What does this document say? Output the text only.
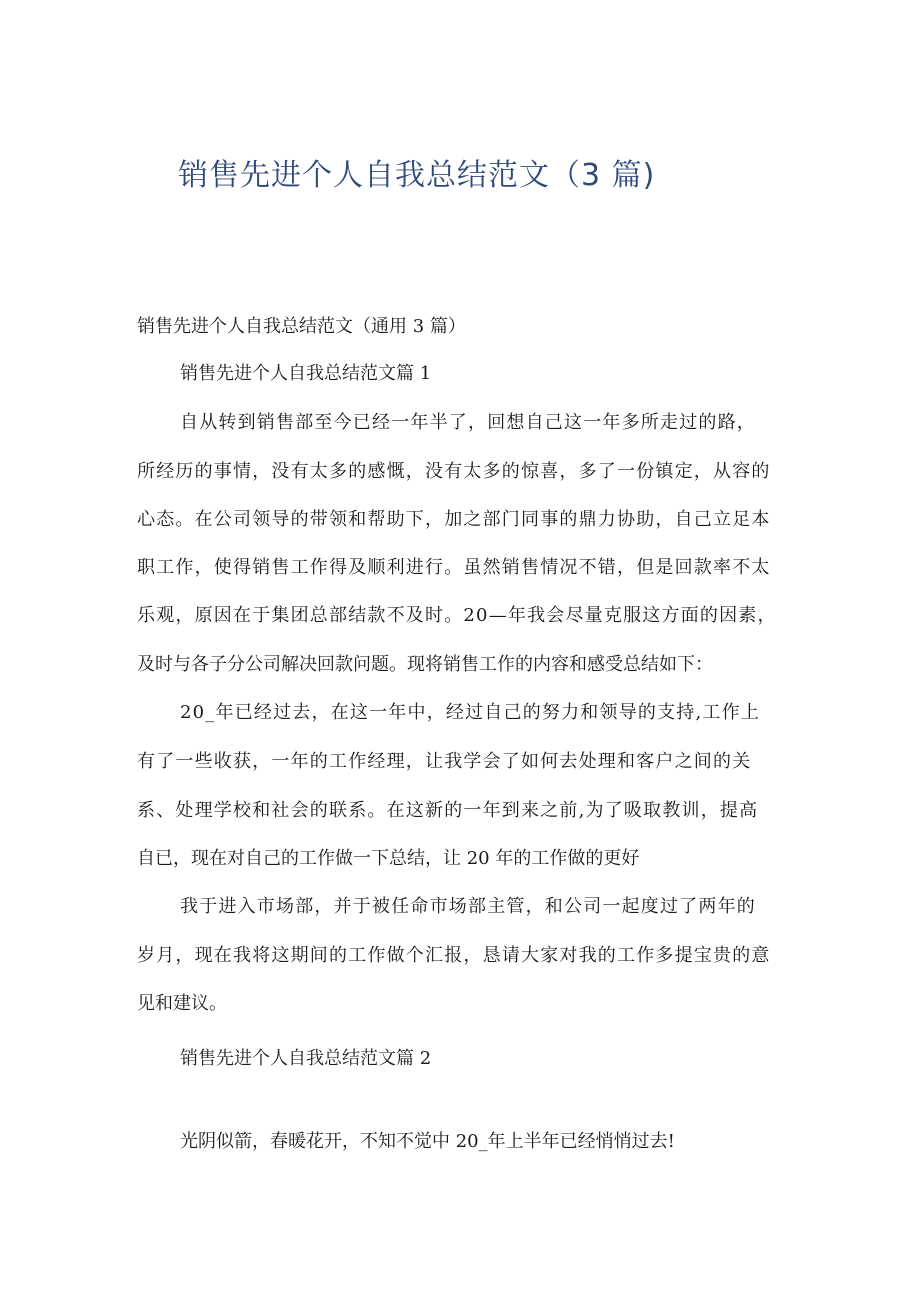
销售先进个人自我总结范文（3 篇)

销售先进个人自我总结范文（通用 3 篇）

销售先进个人自我总结范文篇 1

自从转到销售部至今已经一年半了，回想自己这一年多所走过的路，

所经历的事情，没有太多的感慨，没有太多的惊喜，多了一份镇定，从容的

心态。在公司领导的带领和帮助下，加之部门同事的鼎力协助，自己立足本

职工作，使得销售工作得及顺利进行。虽然销售情况不错，但是回款率不太

乐观，原因在于集团总部结款不及时。20—年我会尽量克服这方面的因素，

及时与各子分公司解决回款问题。现将销售工作的内容和感受总结如下：

20_年已经过去，在这一年中，经过自己的努力和领导的支持,工作上

有了一些收获，一年的工作经理，让我学会了如何去处理和客户之间的关

系、处理学校和社会的联系。在这新的一年到来之前,为了吸取教训，提高

自已，现在对自己的工作做一下总结，让 20 年的工作做的更好

我于进入市场部，并于被任命市场部主管，和公司一起度过了两年的

岁月，现在我将这期间的工作做个汇报，恳请大家对我的工作多提宝贵的意

见和建议。

销售先进个人自我总结范文篇 2

光阴似箭，春暖花开，不知不觉中 20_年上半年已经悄悄过去!
